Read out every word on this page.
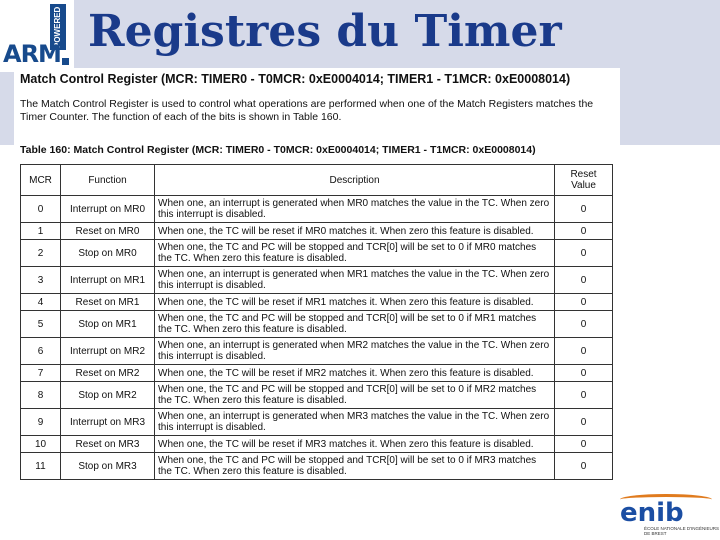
POWERED
ARM Registres du Timer
Match Control Register (MCR: TIMER0 - T0MCR: 0xE0004014; TIMER1 - T1MCR: 0xE0008014)
The Match Control Register is used to control what operations are performed when one of the Match Registers matches the Timer Counter. The function of each of the bits is shown in Table 160.
Table 160: Match Control Register (MCR: TIMER0 - T0MCR: 0xE0004014; TIMER1 - T1MCR: 0xE0008014)
MCR	Function	Description	Reset Value
0	Interrupt on MR0	When one, an interrupt is generated when MR0 matches the value in the TC. When zero this interrupt is disabled.	0
1	Reset on MR0	When one, the TC will be reset if MR0 matches it. When zero this feature is disabled.	0
2	Stop on MR0	When one, the TC and PC will be stopped and TCR[0] will be set to 0 if MR0 matches the TC. When zero this feature is disabled.	0
3	Interrupt on MR1	When one, an interrupt is generated when MR1 matches the value in the TC. When zero this interrupt is disabled.	0
4	Reset on MR1	When one, the TC will be reset if MR1 matches it. When zero this feature is disabled.	0
5	Stop on MR1	When one, the TC and PC will be stopped and TCR[0] will be set to 0 if MR1 matches the TC. When zero this feature is disabled.	0
6	Interrupt on MR2	When one, an interrupt is generated when MR2 matches the value in the TC. When zero this interrupt is disabled.	0
7	Reset on MR2	When one, the TC will be reset if MR2 matches it. When zero this feature is disabled.	0
8	Stop on MR2	When one, the TC and PC will be stopped and TCR[0] will be set to 0 if MR2 matches the TC. When zero this feature is disabled.	0
9	Interrupt on MR3	When one, an interrupt is generated when MR3 matches the value in the TC. When zero this interrupt is disabled.	0
10	Reset on MR3	When one, the TC will be reset if MR3 matches it. When zero this feature is disabled.	0
11	Stop on MR3	When one, the TC and PC will be stopped and TCR[0] will be set to 0 if MR3 matches the TC. When zero this feature is disabled.	0
enib
ÉCOLE NATIONALE D'INGÉNIEURS DE BREST
